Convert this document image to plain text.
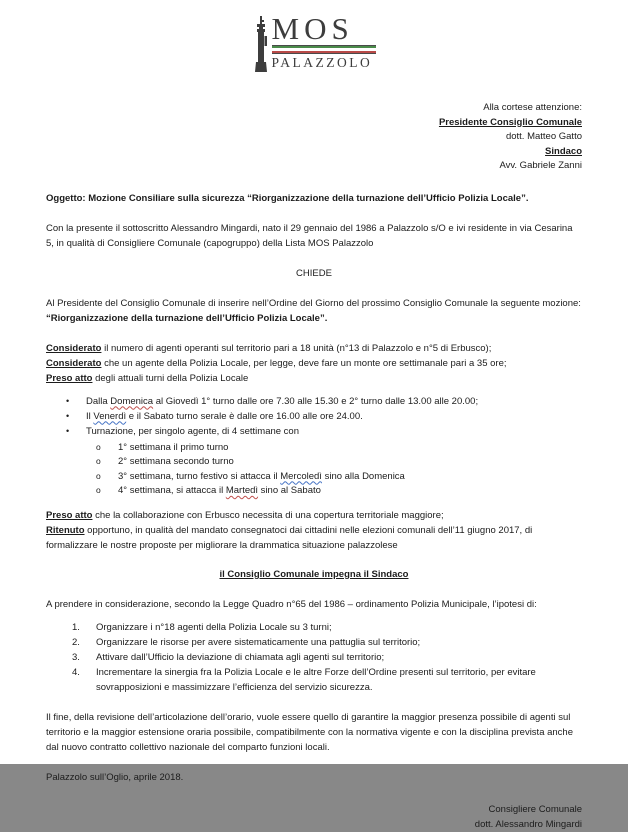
MOS
PALAZZOLO
Alla cortese attenzione:
Presidente Consiglio Comunale
dott. Matteo Gatto
Sindaco
Avv. Gabriele Zanni
Oggetto: Mozione Consiliare sulla sicurezza “Riorganizzazione della turnazione dell’Ufficio Polizia Locale”.
Con la presente il sottoscritto Alessandro Mingardi, nato il 29 gennaio del 1986 a Palazzolo s/O e ivi residente in via Cesarina 5, in qualità di Consigliere Comunale (capogruppo) della Lista MOS Palazzolo
CHIEDE
Al Presidente del Consiglio Comunale di inserire nell’Ordine del Giorno del prossimo Consiglio Comunale la seguente mozione: “Riorganizzazione della turnazione dell’Ufficio Polizia Locale”.
Considerato il numero di agenti operanti sul territorio pari a 18 unità (n°13 di Palazzolo e n°5 di Erbusco);
Considerato che un agente della Polizia Locale, per legge, deve fare un monte ore settimanale pari a 35 ore;
Preso atto degli attuali turni della Polizia Locale
•	Dalla Domenica al Giovedì 1° turno dalle ore 7.30 alle 15.30 e 2° turno dalle 13.00 alle 20.00;
•	Il Venerdì e il Sabato turno serale è dalle ore 16.00 alle ore 24.00.
•	Turnazione, per singolo agente, di 4 settimane con
o	1° settimana il primo turno
o	2° settimana secondo turno
o	3° settimana, turno festivo si attacca il Mercoledì sino alla Domenica
o	4° settimana, si attacca il Martedì sino al Sabato
Preso atto che la collaborazione con Erbusco necessita di una copertura territoriale maggiore;
Ritenuto opportuno, in qualità del mandato consegnatoci dai cittadini nelle elezioni comunali dell’11 giugno 2017, di formalizzare le nostre proposte per migliorare la drammatica situazione palazzolese
il Consiglio Comunale impegna il Sindaco
A prendere in considerazione, secondo la Legge Quadro n°65 del 1986 – ordinamento Polizia Municipale, l’ipotesi di:
1.	Organizzare i n°18 agenti della Polizia Locale su 3 turni;
2.	Organizzare le risorse per avere sistematicamente una pattuglia sul territorio;
3.	Attivare dall’Ufficio la deviazione di chiamata agli agenti sul territorio;
4.	Incrementare la sinergia fra la Polizia Locale e le altre Forze dell’Ordine presenti sul territorio, per evitare sovrapposizioni e massimizzare l’efficienza del servizio sicurezza.
Il fine, della revisione dell’articolazione dell’orario, vuole essere quello di garantire la maggior presenza possibile di agenti sul territorio e la maggior estensione oraria possibile, compatibilmente con la normativa vigente e con la disciplina prevista anche dal nuovo contratto collettivo nazionale del comparto funzioni locali.
Palazzolo sull’Oglio, aprile 2018.
Consigliere Comunale
dott. Alessandro Mingardi
